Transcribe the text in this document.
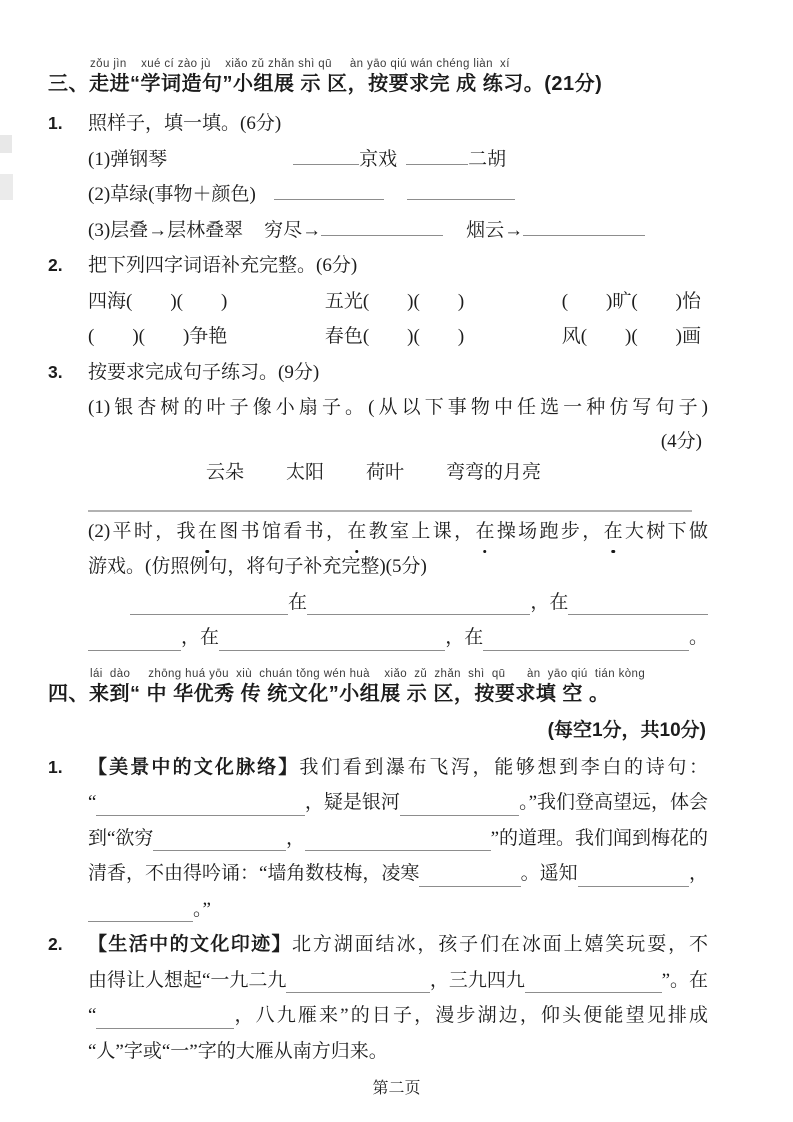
zǒu jìn    xué cí zào jù    xiǎo zǔ zhǎn shì qū     àn yāo qiú wán chéng liàn  xí
三、走进“学词造句”小组展 示 区，按要求完 成 练习。(21分)
1.	照样子，填一填。(6分)
(1)弹钢琴	京戏	二胡
(2)草绿(事物＋颜色)
(3)层叠→层林叠翠 穷尽→	烟云→
2.	把下列四字词语补充完整。(6分)
四海(　　)(　　)	五光(　　)(　　)	(　　)旷(　　)怡
(　　)(　　)争艳	春色(　　)(　　)	风(　　)(　　)画
3.	按要求完成句子练习。(9分)
(1)银杏树的叶子像小扇子。(从以下事物中任选一种仿写句子)
(4分)
云朵 太阳 荷叶 弯弯的月亮
(2)平时，我在图书馆看书，在教室上课，在操场跑步，在大树下做
游戏。(仿照例句，将句子补充完整)(5分)
在	，在
，在	，在	。
lái  dào     zhōng huá yōu  xiù  chuán tǒng wén huà    xiǎo  zǔ  zhǎn  shì  qū      àn  yāo qiú  tián kòng
四、来到“ 中 华优秀 传 统文化”小组展 示 区，按要求填 空 。
(每空1分，共10分)
1.	【美景中的文化脉络】我们看到瀑布飞泻，能够想到李白的诗句：
“	，疑是银河	。”我们登高望远，体会
到“欲穷	，	”的道理。我们闻到梅花的
清香，不由得吟诵：“墙角数枝梅，凌寒	。遥知	，
。”
2.	【生活中的文化印迹】北方湖面结冰，孩子们在冰面上嬉笑玩耍，不
由得让人想起“一九二九	，三九四九	”。在
“	，八九雁来”的日子，漫步湖边，仰头便能望见排成
“人”字或“一”字的大雁从南方归来。
第二页
